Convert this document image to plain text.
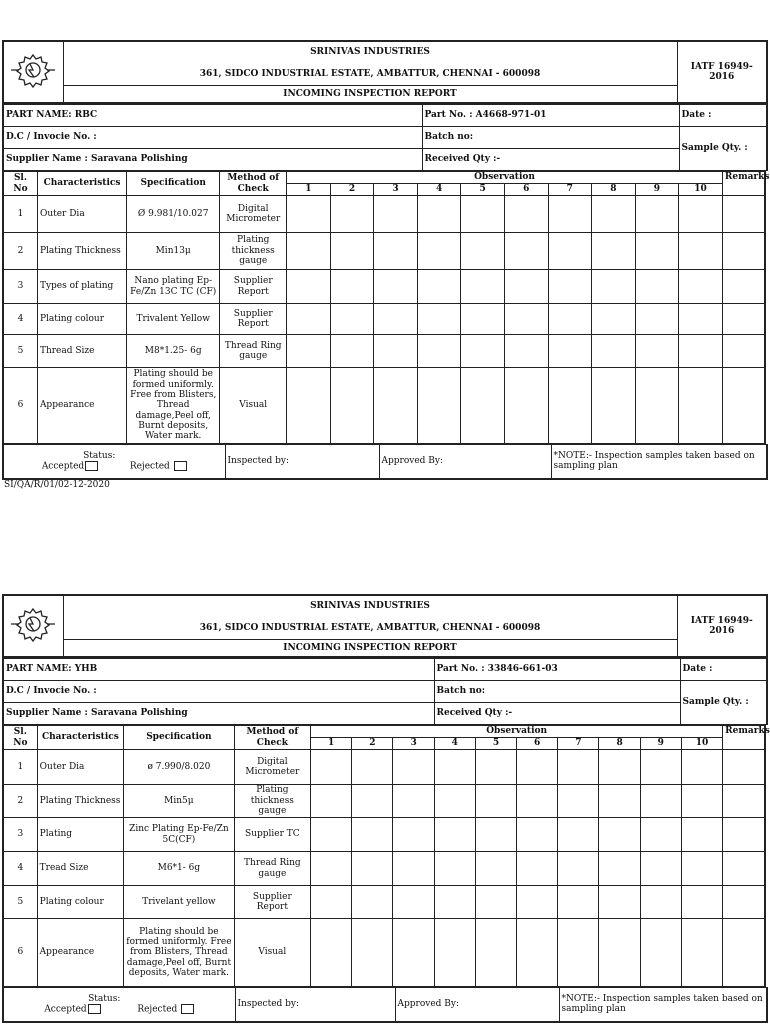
	SRINIVAS INDUSTRIES	IATF 16949-2016
361, SIDCO INDUSTRIAL ESTATE, AMBATTUR, CHENNAI - 600098
INCOMING INSPECTION REPORT
PART NAME: RBC	Part No. : A4668-971-01	Date :
D.C / Invocie No. :	Batch no:	Sample Qty. :
Supplier Name : Saravana Polishing	Received Qty :-	
Sl. No	Characteristics	Specification	Method of Check	Observation										Remarks
				1	2	3	4	5	6	7	8	9	10	
1	Outer Dia	Ø 9.981/10.027	Digital Micrometer											
2	Plating Thickness	Min13μ	Plating thickness gauge											
3	Types of plating	Nano plating Ep-Fe/Zn 13C TC (CF)	Supplier Report											
4	Plating colour	Trivalent Yellow	Supplier Report											
5	Thread Size	M8*1.25- 6g	Thread Ring gauge											
6	Appearance	Plating should be formed uniformly. Free from Blisters, Thread damage,Peel off, Burnt deposits, Water mark.	Visual											
Status:
Accepted	Rejected
	Inspected by:	Approved By:	*NOTE:- Inspection samples taken based on sampling plan
SI/QA/R/01/02-12-2020
	SRINIVAS INDUSTRIES	IATF 16949-2016
361, SIDCO INDUSTRIAL ESTATE, AMBATTUR, CHENNAI - 600098
INCOMING INSPECTION REPORT
PART NAME: YHB	Part No. : 33846-661-03	Date :
D.C / Invocie No. :	Batch no:	Sample Qty. :
Supplier Name : Saravana Polishing	Received Qty :-	
Sl. No	Characteristics	Specification	Method of Check	Observation										Remarks
				1	2	3	4	5	6	7	8	9	10	
1	Outer Dia	ø 7.990/8.020	Digital Micrometer											
2	Plating Thickness	Min5μ	Plating thickness gauge											
3	Plating	Zinc Plating Ep-Fe/Zn 5C(CF)	Supplier TC											
4	Tread Size	M6*1- 6g	Thread Ring gauge											
5	Plating colour	Trivelant yellow	Supplier Report											
6	Appearance	Plating should be formed uniformly. Free from Blisters, Thread damage,Peel off, Burnt deposits, Water mark.	Visual											
Status:
Accepted	Rejected
	Inspected by:	Approved By:	*NOTE:- Inspection samples taken based on sampling plan
